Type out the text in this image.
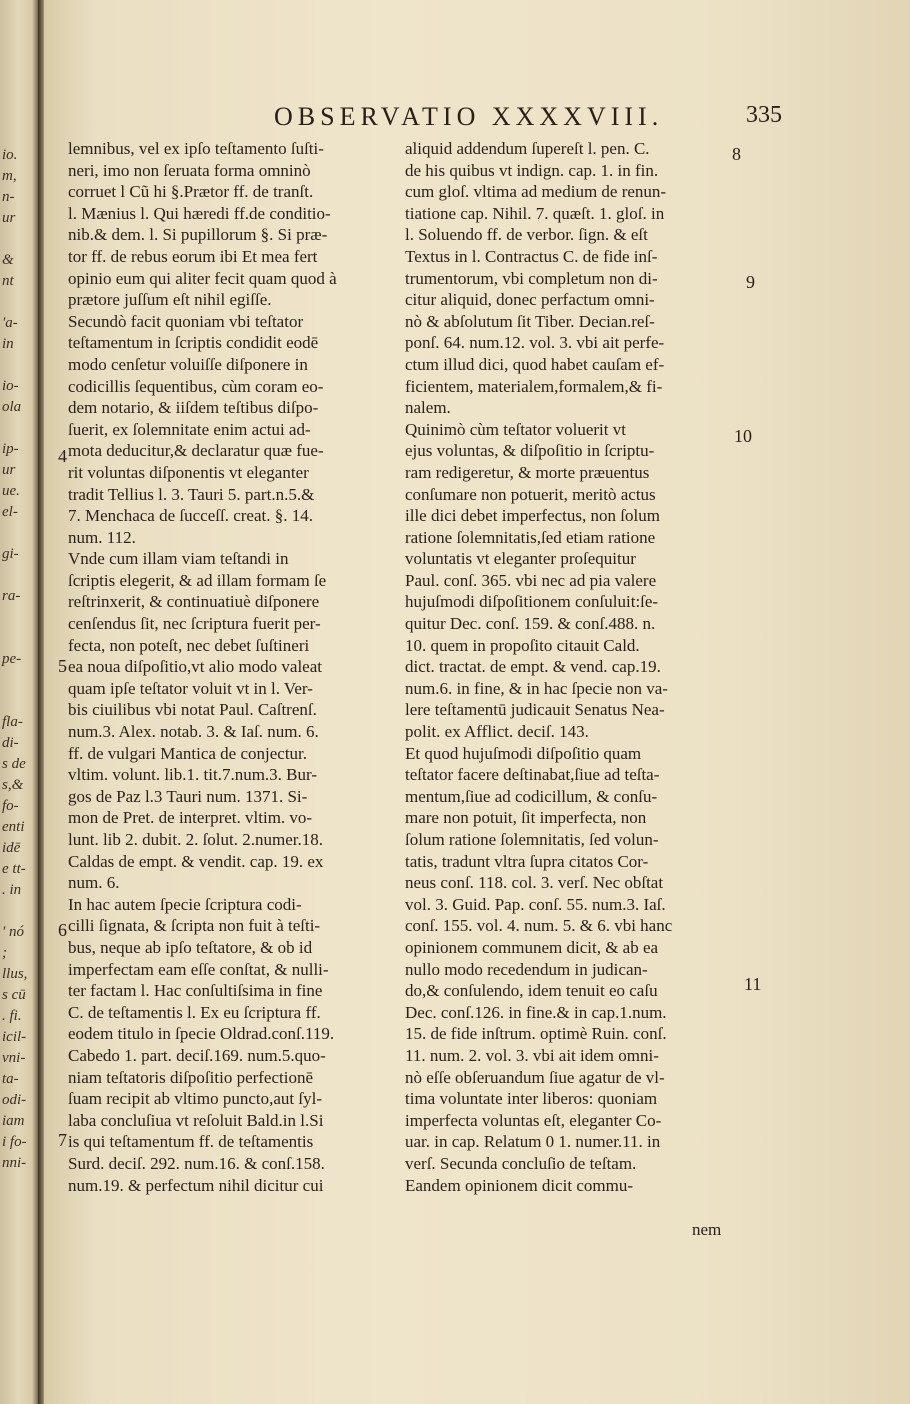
io.
m,
n-
ur
&
nt
'a-
in
io-
ola
ip-
ur
ue.
el-
gi-
ra-
pe-
fla-
di-
s de
s,&
fo-
enti
idē
e tt-
. in
' nó
;
llus,
s cū
. fi.
icil-
vni-
ta-
odi-
iam
i fo-
nni-
OBSERVATIO XXXXVIII.	335
lemnibus, vel ex ipſo teſtamento ſuſti-
neri, imo non ſeruata forma omninò
corruet l Cũ hi §.Prætor ff. de tranſt.
l. Mænius l. Qui hæredi ff.de conditio-
nib.& dem. l. Si pupillorum §. Si præ-
tor ff. de rebus eorum ibi Et mea fert
opinio eum qui aliter fecit quam quod à
prætore juſſum eſt nihil egiſſe.
Secundò facit quoniam vbi teſtator
teſtamentum in ſcriptis condidit eodē
modo cenſetur voluiſſe diſponere in
codicillis ſequentibus, cùm coram eo-
dem notario, & iiſdem teſtibus diſpo-
ſuerit, ex ſolemnitate enim actui ad-
mota deducitur,& declaratur quæ fue-
rit voluntas diſponentis vt eleganter
tradit Tellius l. 3. Tauri 5. part.n.5.&
7. Menchaca de ſucceſſ. creat. §. 14.
num. 112.
Vnde cum illam viam teſtandi in
ſcriptis elegerit, & ad illam formam ſe
reſtrinxerit, & continuatiuè diſponere
cenſendus ſit, nec ſcriptura fuerit per-
fecta, non poteſt, nec debet ſuſtineri
ea noua diſpoſitio,vt alio modo valeat
quam ipſe teſtator voluit vt in l. Ver-
bis ciuilibus vbi notat Paul. Caſtrenſ.
num.3. Alex. notab. 3. & Iaſ. num. 6.
ff. de vulgari Mantica de conjectur.
vltim. volunt. lib.1. tit.7.num.3. Bur-
gos de Paz l.3 Tauri num. 1371. Si-
mon de Pret. de interpret. vltim. vo-
lunt. lib 2. dubit. 2. ſolut. 2.numer.18.
Caldas de empt. & vendit. cap. 19. ex
num. 6.
In hac autem ſpecie ſcriptura codi-
cilli ſignata, & ſcripta non fuit à teſti-
bus, neque ab ipſo teſtatore, & ob id
imperfectam eam eſſe conſtat, & nulli-
ter factam l. Hac conſultiſsima in fine
C. de teſtamentis l. Ex eu ſcriptura ff.
eodem titulo in ſpecie Oldrad.conſ.119.
Cabedo 1. part. deciſ.169. num.5.quo-
niam teſtatoris diſpoſitio perfectionē
ſuam recipit ab vltimo puncto,aut ſyl-
laba concluſiua vt reſoluit Bald.in l.Si
is qui teſtamentum ff. de teſtamentis
Surd. deciſ. 292. num.16. & conſ.158.
num.19. & perfectum nihil dicitur cui
aliquid addendum ſupereſt l. pen. C.
de his quibus vt indign. cap. 1. in fin.
cum gloſ. vltima ad medium de renun-
tiatione cap. Nihil. 7. quæſt. 1. gloſ. in
l. Soluendo ff. de verbor. ſign. & eſt
Textus in l. Contractus C. de fide inſ-
trumentorum, vbi completum non di-
citur aliquid, donec perfactum omni-
nò & abſolutum ſit Tiber. Decian.reſ-
ponſ. 64. num.12. vol. 3. vbi ait perfe-
ctum illud dici, quod habet cauſam ef-
ficientem, materialem,formalem,& fi-
nalem.
Quinimò cùm teſtator voluerit vt
ejus voluntas, & diſpoſitio in ſcriptu-
ram redigeretur, & morte præuentus
conſumare non potuerit, meritò actus
ille dici debet imperfectus, non ſolum
ratione ſolemnitatis,ſed etiam ratione
voluntatis vt eleganter proſequitur
Paul. conſ. 365. vbi nec ad pia valere
hujuſmodi diſpoſitionem conſuluit:ſe-
quitur Dec. conſ. 159. & conſ.488. n.
10. quem in propoſito citauit Cald.
dict. tractat. de empt. & vend. cap.19.
num.6. in fine, & in hac ſpecie non va-
lere teſtamentū judicauit Senatus Nea-
polit. ex Afflict. deciſ. 143.
Et quod hujuſmodi diſpoſitio quam
teſtator facere deſtinabat,ſiue ad teſta-
mentum,ſiue ad codicillum, & conſu-
mare non potuit, ſit imperfecta, non
ſolum ratione ſolemnitatis, ſed volun-
tatis, tradunt vltra ſupra citatos Cor-
neus conſ. 118. col. 3. verſ. Nec obſtat
vol. 3. Guid. Pap. conſ. 55. num.3. Iaſ.
conſ. 155. vol. 4. num. 5. & 6. vbi hanc
opinionem communem dicit, & ab ea
nullo modo recedendum in judican-
do,& conſulendo, idem tenuit eo caſu
Dec. conſ.126. in fine.& in cap.1.num.
15. de fide inſtrum. optimè Ruin. conſ.
11. num. 2. vol. 3. vbi ait idem omni-
nò eſſe obſeruandum ſiue agatur de vl-
tima voluntate inter liberos: quoniam
imperfecta voluntas eſt, eleganter Co-
uar. in cap. Relatum 0 1. numer.11. in
verſ. Secunda concluſio de teſtam.
Eandem opinionem dicit commu-
4
5
6
7
8
9
10
11
nem
